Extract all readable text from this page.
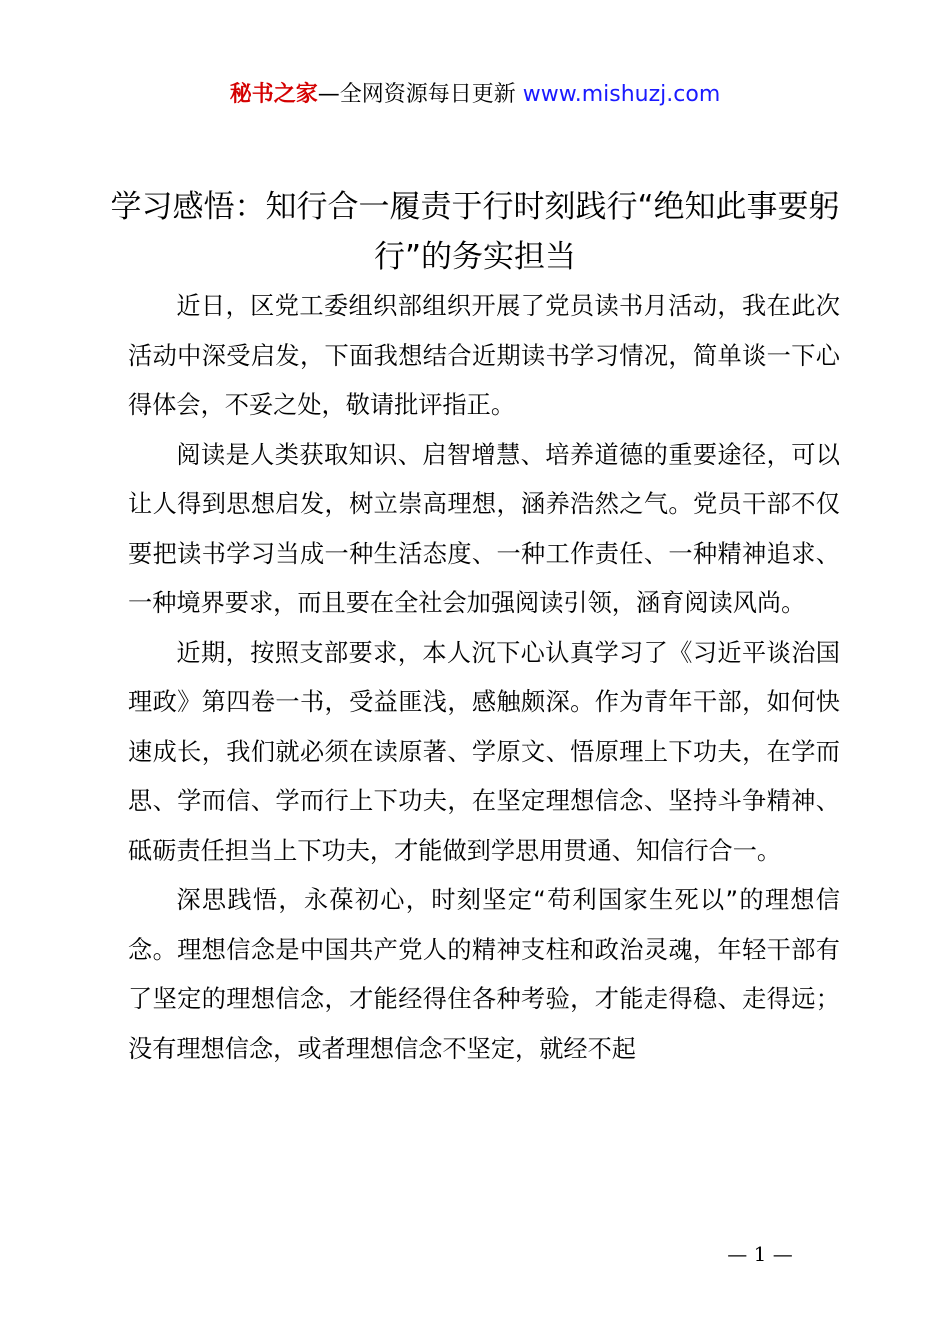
秘书之家—全网资源每日更新 www.mishuzj.com
学习感悟：知行合一履责于行时刻践行“绝知此事要躬行”的务实担当

近日，区党工委组织部组织开展了党员读书月活动，我在此次活动中深受启发，下面我想结合近期读书学习情况，简单谈一下心得体会，不妥之处，敬请批评指正。

阅读是人类获取知识、启智增慧、培养道德的重要途径，可以让人得到思想启发，树立崇高理想，涵养浩然之气。党员干部不仅要把读书学习当成一种生活态度、一种工作责任、一种精神追求、一种境界要求，而且要在全社会加强阅读引领，涵育阅读风尚。

近期，按照支部要求，本人沉下心认真学习了《习近平谈治国理政》第四卷一书，受益匪浅，感触颇深。作为青年干部，如何快速成长，我们就必须在读原著、学原文、悟原理上下功夫，在学而思、学而信、学而行上下功夫，在坚定理想信念、坚持斗争精神、砥砺责任担当上下功夫，才能做到学思用贯通、知信行合一。

深思践悟，永葆初心，时刻坚定“苟利国家生死以”的理想信念。理想信念是中国共产党人的精神支柱和政治灵魂，年轻干部有了坚定的理想信念，才能经得住各种考验，才能走得稳、走得远；没有理想信念，或者理想信念不坚定，就经不起

— 1 —
